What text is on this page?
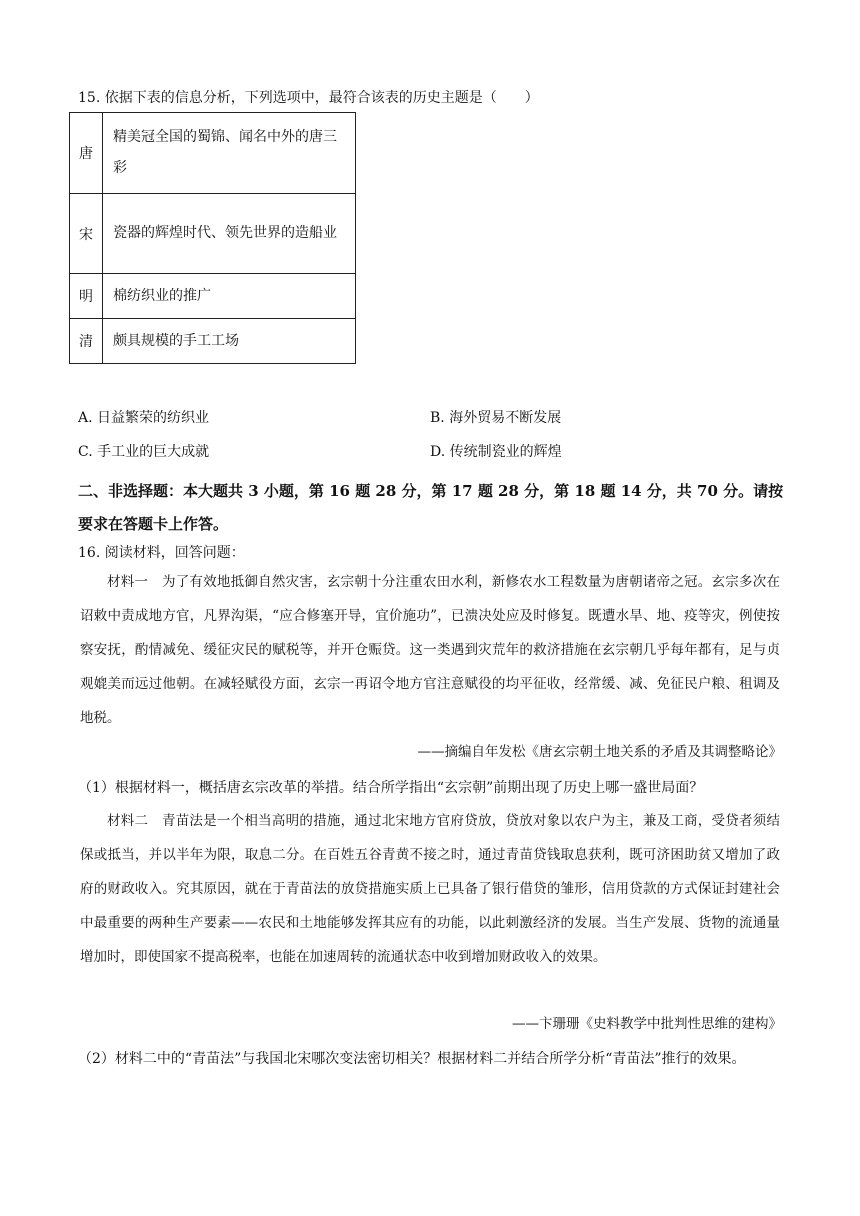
15. 依据下表的信息分析，下列选项中，最符合该表的历史主题是（　　）
唐	精美冠全国的蜀锦、闻名中外的唐三彩
宋	瓷器的辉煌时代、领先世界的造船业
明	棉纺织业的推广
清	颇具规模的手工工场
A. 日益繁荣的纺织业	B. 海外贸易不断发展
C. 手工业的巨大成就	D. 传统制瓷业的辉煌
二、非选择题：本大题共 3 小题，第 16 题 28 分，第 17 题 28 分，第 18 题 14 分，共 70 分。请按要求在答题卡上作答。
16. 阅读材料，回答问题：
材料一　为了有效地抵御自然灾害，玄宗朝十分注重农田水利，新修农水工程数量为唐朝诸帝之冠。玄宗多次在诏敕中责成地方官，凡界沟渠，“应合修塞开导，宜价施功”，已溃决处应及时修复。既遭水旱、地、疫等灾，例使按察安抚，酌情减免、缓征灾民的赋税等，并开仓赈贷。这一类遇到灾荒年的救济措施在玄宗朝几乎每年都有，足与贞观媲美而远过他朝。在减轻赋役方面，玄宗一再诏令地方官注意赋役的均平征收，经常缓、减、免征民户粮、租调及地税。
——摘编自年发松《唐玄宗朝土地关系的矛盾及其调整略论》
（1）根据材料一，概括唐玄宗改革的举措。结合所学指出“玄宗朝”前期出现了历史上哪一盛世局面？
材料二　青苗法是一个相当高明的措施，通过北宋地方官府贷放，贷放对象以农户为主，兼及工商，受贷者须结保或抵当，并以半年为限，取息二分。在百姓五谷青黄不接之时，通过青苗贷钱取息获利，既可济困助贫又增加了政府的财政收入。究其原因，就在于青苗法的放贷措施实质上已具备了银行借贷的雏形，信用贷款的方式保证封建社会中最重要的两种生产要素——农民和土地能够发挥其应有的功能，以此刺激经济的发展。当生产发展、货物的流通量增加时，即使国家不提高税率，也能在加速周转的流通状态中收到增加财政收入的效果。
——卞珊珊《史料教学中批判性思维的建构》
（2）材料二中的“青苗法”与我国北宋哪次变法密切相关？根据材料二并结合所学分析“青苗法”推行的效果。
